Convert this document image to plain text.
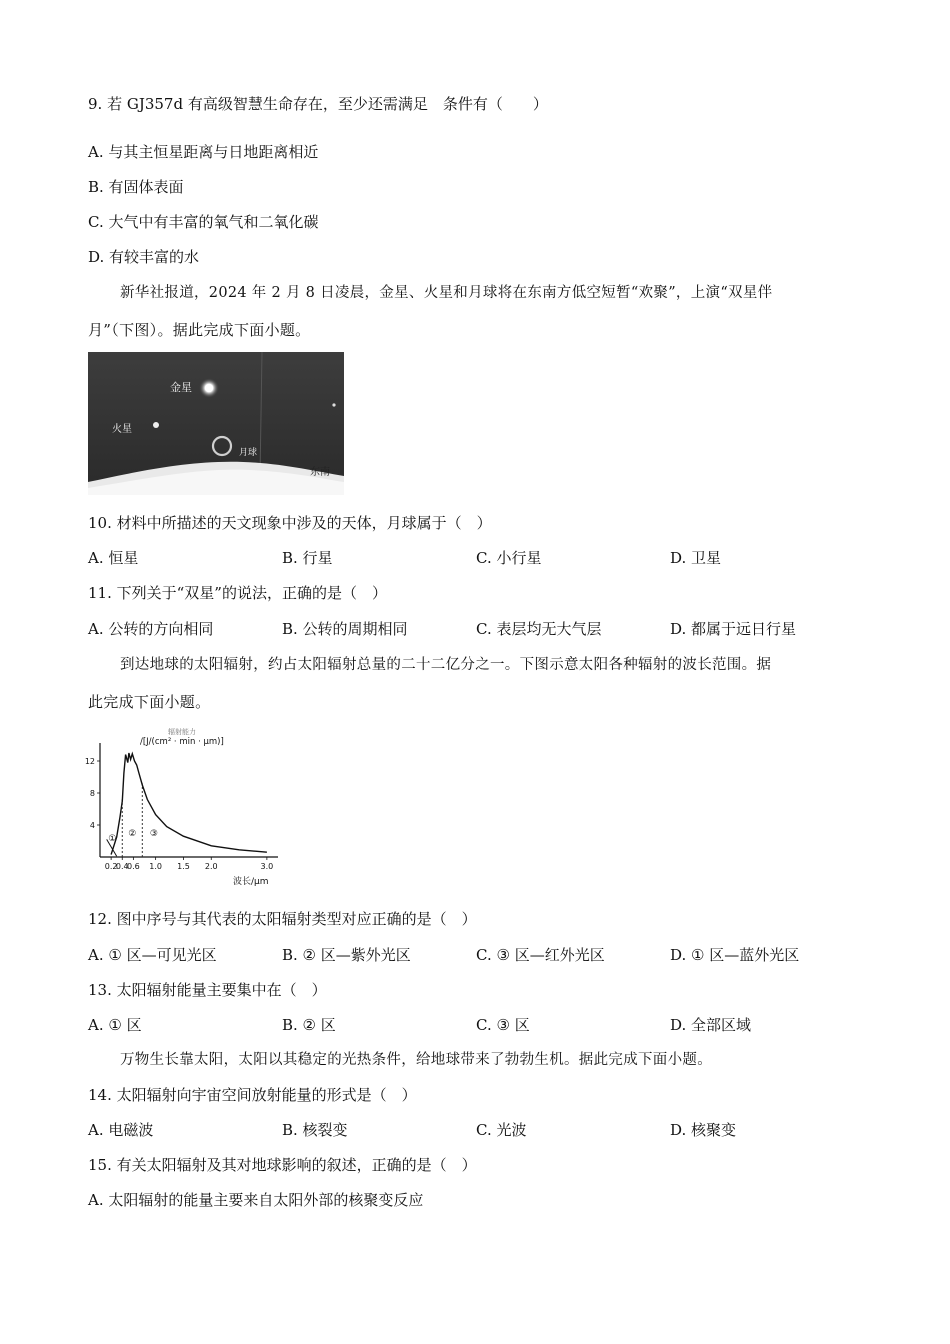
9. 若 GJ357d 有高级智慧生命存在，至少还需满足　条件有（　　）
A. 与其主恒星距离与日地距离相近
B. 有固体表面
C. 大气中有丰富的氧气和二氧化碳
D. 有较丰富的水
新华社报道，2024 年 2 月 8 日凌晨，金星、火星和月球将在东南方低空短暂“欢聚”，上演“双星伴
月”（下图）。据此完成下面小题。
金星
火星
月球
东南
10. 材料中所描述的天文现象中涉及的天体，月球属于（　）
A. 恒星	B. 行星	C. 小行星	D. 卫星
11. 下列关于“双星”的说法，正确的是（　）
A. 公转的方向相同	B. 公转的周期相同	C. 表层均无大气层	D. 都属于远日行星
到达地球的太阳辐射，约占太阳辐射总量的二十二亿分之一。下图示意太阳各种辐射的波长范围。据
此完成下面小题。
辐射能力
/[J/(cm² · min · μm)]
波长/μm
0.2
0.4
0.6 1.0 1.5 2.0	3.0
4
8
12
① ② ③
12. 图中序号与其代表的太阳辐射类型对应正确的是（　）
A. ① 区—可见光区	B. ② 区—紫外光区	C. ③ 区—红外光区	D. ① 区—蓝外光区
13. 太阳辐射能量主要集中在（　）
A. ① 区	B. ② 区	C. ③ 区	D. 全部区域
万物生长靠太阳，太阳以其稳定的光热条件，给地球带来了勃勃生机。据此完成下面小题。
14. 太阳辐射向宇宙空间放射能量的形式是（　）
A. 电磁波	B. 核裂变	C. 光波	D. 核聚变
15. 有关太阳辐射及其对地球影响的叙述，正确的是（　）
A. 太阳辐射的能量主要来自太阳外部的核聚变反应
